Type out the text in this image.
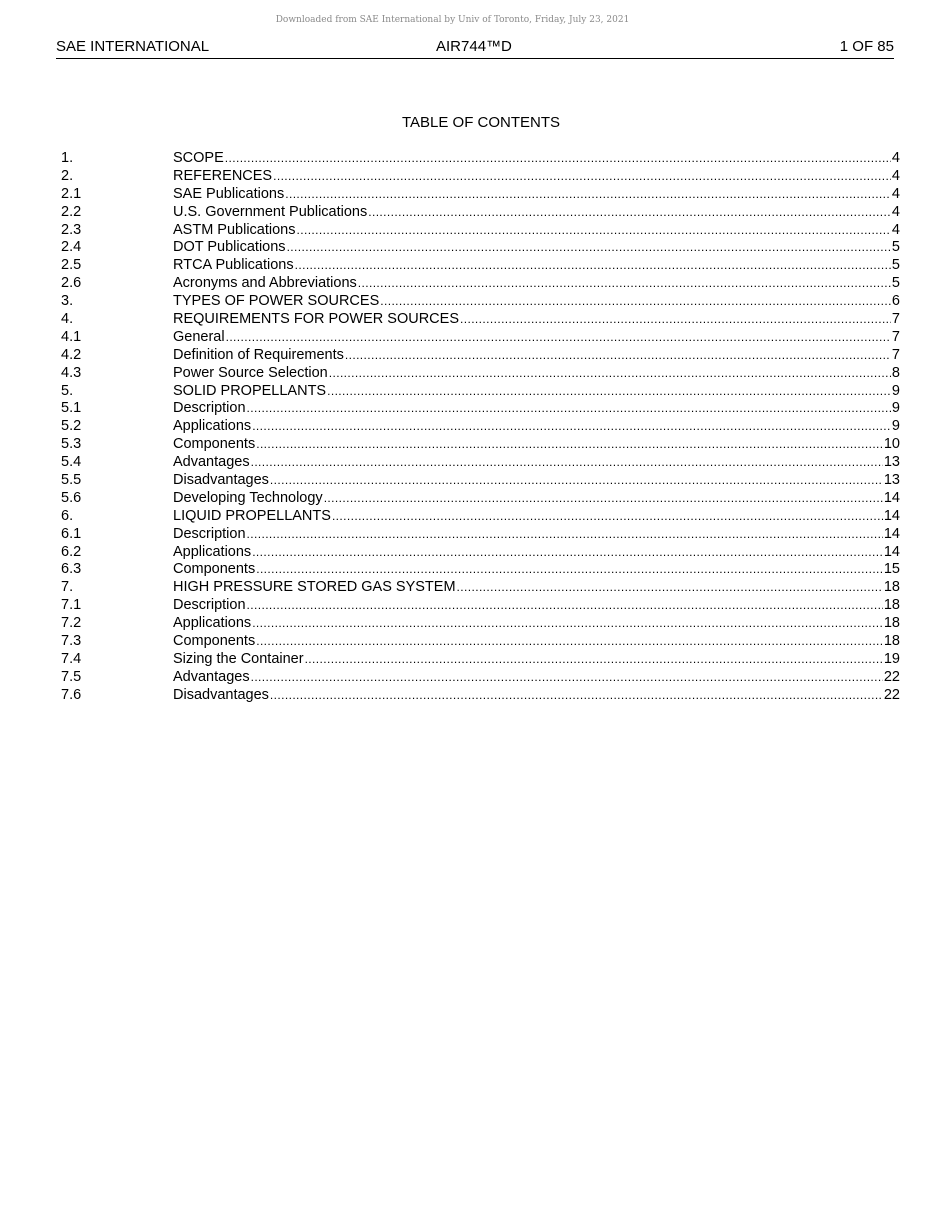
Downloaded from SAE International by Univ of Toronto, Friday, July 23, 2021
SAE INTERNATIONAL	AIR744™D	1 OF 85
TABLE OF CONTENTS
1.	SCOPE .....	4
2.	REFERENCES .....	4
2.1	SAE Publications .....	4
2.2	U.S. Government Publications .....	4
2.3	ASTM Publications .....	4
2.4	DOT Publications .....	5
2.5	RTCA Publications .....	5
2.6	Acronyms and Abbreviations .....	5
3.	TYPES OF POWER SOURCES .....	6
4.	REQUIREMENTS FOR POWER SOURCES .....	7
4.1	General .....	7
4.2	Definition of Requirements .....	7
4.3	Power Source Selection .....	8
5.	SOLID PROPELLANTS .....	9
5.1	Description .....	9
5.2	Applications .....	9
5.3	Components .....	10
5.4	Advantages .....	13
5.5	Disadvantages .....	13
5.6	Developing Technology .....	14
6.	LIQUID PROPELLANTS .....	14
6.1	Description .....	14
6.2	Applications .....	14
6.3	Components .....	15
7.	HIGH PRESSURE STORED GAS SYSTEM .....	18
7.1	Description .....	18
7.2	Applications .....	18
7.3	Components .....	18
7.4	Sizing the Container .....	19
7.5	Advantages .....	22
7.6	Disadvantages .....	22
